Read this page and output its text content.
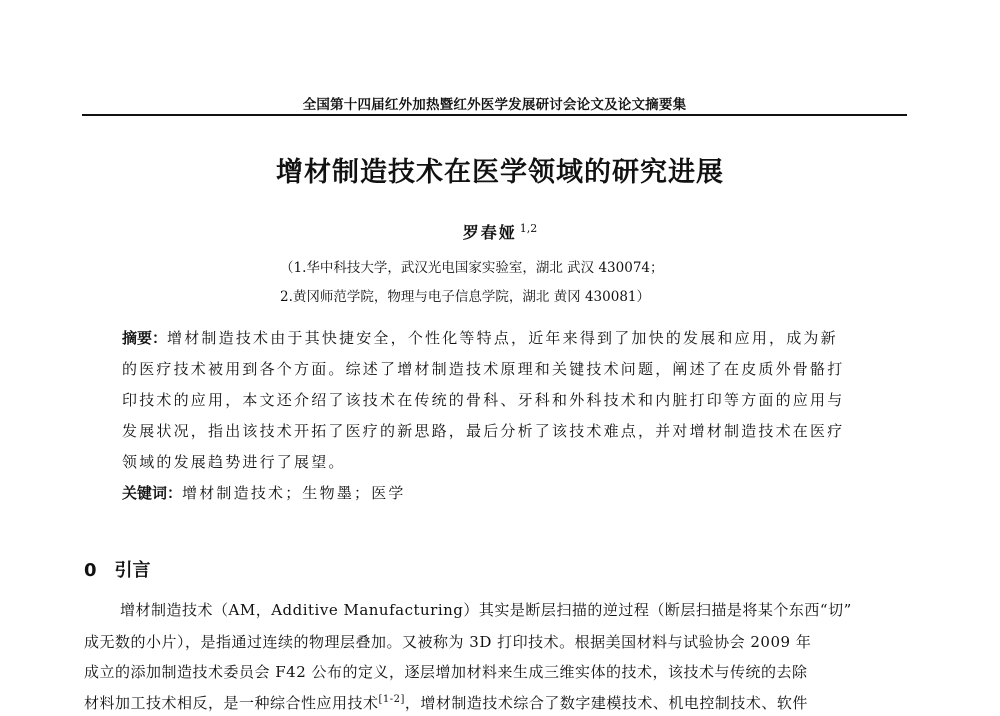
全国第十四届红外加热暨红外医学发展研讨会论文及论文摘要集
增材制造技术在医学领域的研究进展
罗春娅 $^{1,2}$
（1.华中科技大学，武汉光电国家实验室，湖北 武汉 430074；
2.黄冈师范学院，物理与电子信息学院，湖北 黄冈 430081）
摘要：增材制造技术由于其快捷安全，个性化等特点，近年来得到了加快的发展和应用，成为新
的医疗技术被用到各个方面。综述了增材制造技术原理和关键技术问题，阐述了在皮质外骨骼打
印技术的应用，本文还介绍了该技术在传统的骨科、牙科和外科技术和内脏打印等方面的应用与
发展状况，指出该技术开拓了医疗的新思路，最后分析了该技术难点，并对增材制造技术在医疗
领域的发展趋势进行了展望。
关键词：增材制造技术；生物墨；医学
0 引言
增材制造技术（AM，Additive Manufacturing）其实是断层扫描的逆过程（断层扫描是将某个东西“切”
成无数的小片），是指通过连续的物理层叠加。又被称为 3D 打印技术。根据美国材料与试验协会 2009 年
成立的添加制造技术委员会 F42 公布的定义，逐层增加材料来生成三维实体的技术，该技术与传统的去除
材料加工技术相反，是一种综合性应用技术[1-2]，增材制造技术综合了数字建模技术、机电控制技术、软件
